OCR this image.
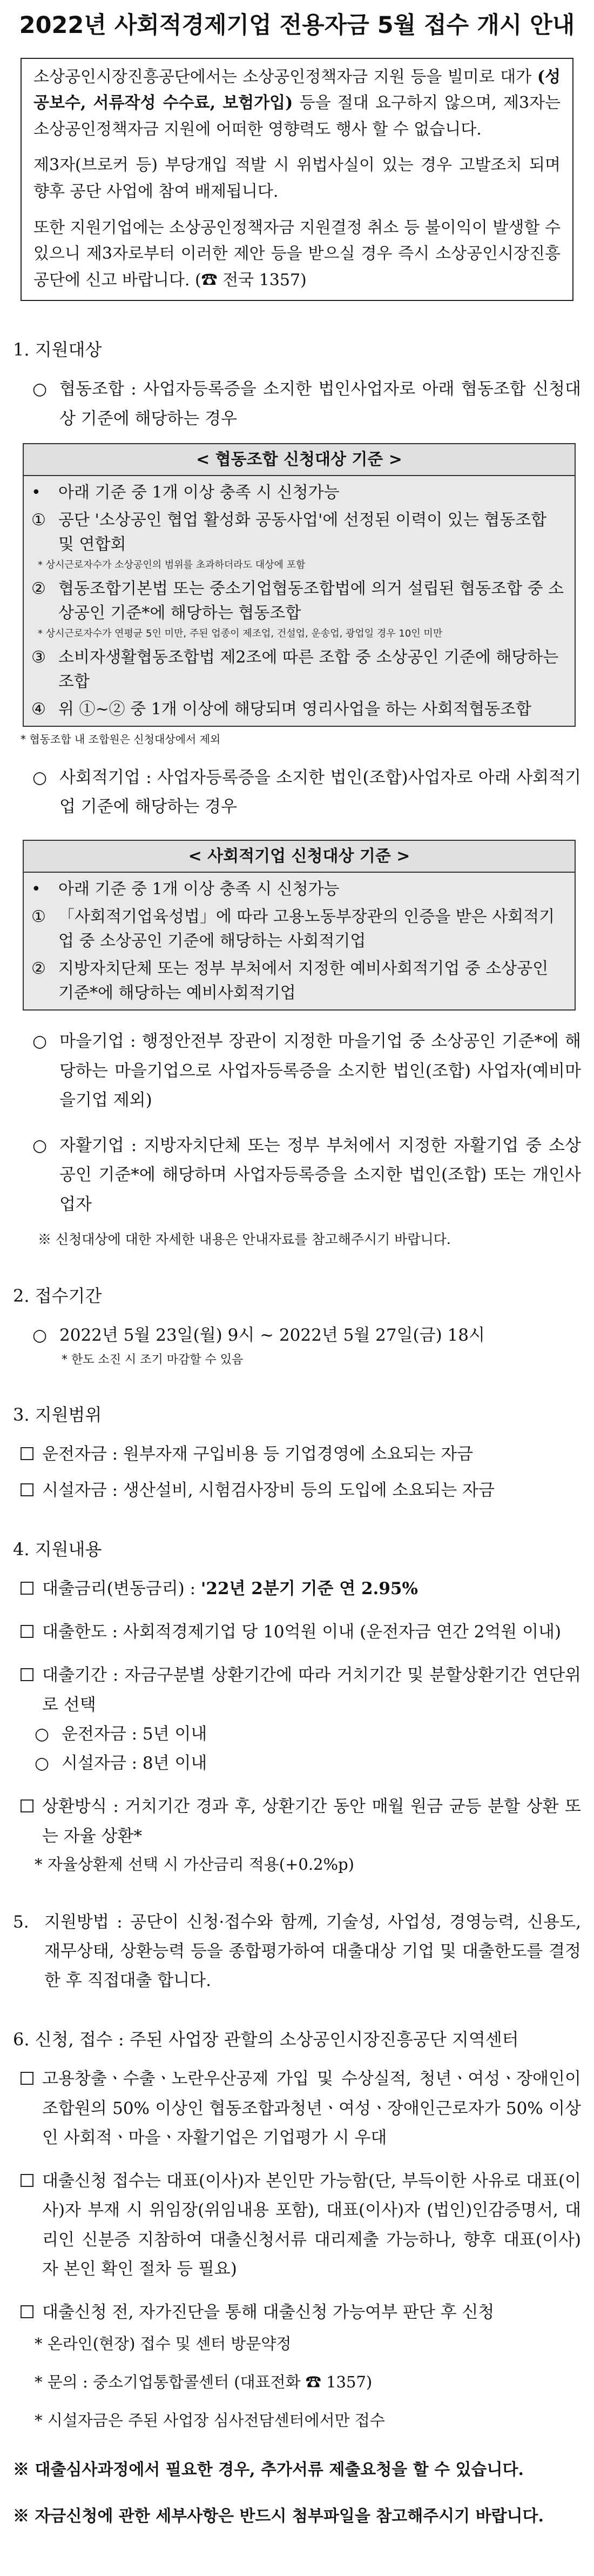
2022년 사회적경제기업 전용자금 5월 접수 개시 안내

소상공인시장진흥공단에서는 소상공인정책자금 지원 등을 빌미로 대가 (성공보수, 서류작성 수수료, 보험가입) 등을 절대 요구하지 않으며, 제3자는 소상공인정책자금 지원에 어떠한 영향력도 행사 할 수 없습니다.

제3자(브로커 등) 부당개입 적발 시 위법사실이 있는 경우 고발조치 되며 향후 공단 사업에 참여 배제됩니다.

또한 지원기업에는 소상공인정책자금 지원결정 취소 등 불이익이 발생할 수 있으니 제3자로부터 이러한 제안 등을 받으실 경우 즉시 소상공인시장진흥공단에 신고 바랍니다. (☎ 전국 1357)

1. 지원대상
○ 협동조합 : 사업자등록증을 소지한 법인사업자로 아래 협동조합 신청대상 기준에 해당하는 경우
< 협동조합 신청대상 기준 >
•	아래 기준 중 1개 이상 충족 시 신청가능
① 공단 '소상공인 협업 활성화 공동사업'에 선정된 이력이 있는 협동조합 및 연합회
* 상시근로자수가 소상공인의 범위를 초과하더라도 대상에 포함
② 협동조합기본법 또는 중소기업협동조합법에 의거 설립된 협동조합 중 소상공인 기준*에 해당하는 협동조합
* 상시근로자수가 연평균 5인 미만, 주된 업종이 제조업, 건설업, 운송업, 광업일 경우 10인 미만
③ 소비자생활협동조합법 제2조에 따른 조합 중 소상공인 기준에 해당하는 조합
④ 위 ①~② 중 1개 이상에 해당되며 영리사업을 하는 사회적협동조합
* 협동조합 내 조합원은 신청대상에서 제외
○ 사회적기업 : 사업자등록증을 소지한 법인(조합)사업자로 아래 사회적기업 기준에 해당하는 경우
< 사회적기업 신청대상 기준 >
•	아래 기준 중 1개 이상 충족 시 신청가능
① 「사회적기업육성법」에 따라 고용노동부장관의 인증을 받은 사회적기업 중 소상공인 기준에 해당하는 사회적기업
② 지방자치단체 또는 정부 부처에서 지정한 예비사회적기업 중 소상공인 기준*에 해당하는 예비사회적기업
○ 마을기업 : 행정안전부 장관이 지정한 마을기업 중 소상공인 기준*에 해당하는 마을기업으로 사업자등록증을 소지한 법인(조합) 사업자(예비마을기업 제외)
○ 자활기업 : 지방자치단체 또는 정부 부처에서 지정한 자활기업 중 소상공인 기준*에 해당하며 사업자등록증을 소지한 법인(조합) 또는 개인사업자
※ 신청대상에 대한 자세한 내용은 안내자료를 참고해주시기 바랍니다.
2. 접수기간
○ 2022년 5월 23일(월) 9시 ~ 2022년 5월 27일(금) 18시
* 한도 소진 시 조기 마감할 수 있음
3. 지원범위
운전자금 : 원부자재 구입비용 등 기업경영에 소요되는 자금
시설자금 : 생산설비, 시험검사장비 등의 도입에 소요되는 자금
4. 지원내용
대출금리(변동금리) : '22년 2분기 기준 연 2.95%
대출한도 : 사회적경제기업 당 10억원 이내 (운전자금 연간 2억원 이내)
대출기간 : 자금구분별 상환기간에 따라 거치기간 및 분할상환기간 연단위로 선택
○ 운전자금 : 5년 이내
○ 시설자금 : 8년 이내
상환방식 : 거치기간 경과 후, 상환기간 동안 매월 원금 균등 분할 상환 또는 자율 상환*
* 자율상환제 선택 시 가산금리 적용(+0.2%p)
5. 지원방법 : 공단이 신청·접수와 함께, 기술성, 사업성, 경영능력, 신용도, 재무상태, 상환능력 등을 종합평가하여 대출대상 기업 및 대출한도를 결정한 후 직접대출 합니다.
6. 신청, 접수 : 주된 사업장 관할의 소상공인시장진흥공단 지역센터
고용창출ㆍ수출ㆍ노란우산공제 가입 및 수상실적, 청년ㆍ여성ㆍ장애인이 조합원의 50% 이상인 협동조합과청년ㆍ여성ㆍ장애인근로자가 50% 이상인 사회적ㆍ마을ㆍ자활기업은 기업평가 시 우대
대출신청 접수는 대표(이사)자 본인만 가능함(단, 부득이한 사유로 대표(이사)자 부재 시 위임장(위임내용 포함), 대표(이사)자 (법인)인감증명서, 대리인 신분증 지참하여 대출신청서류 대리제출 가능하나, 향후 대표(이사)자 본인 확인 절차 등 필요)
대출신청 전, 자가진단을 통해 대출신청 가능여부 판단 후 신청
* 온라인(현장) 접수 및 센터 방문약정
* 문의 : 중소기업통합콜센터 (대표전화 ☎ 1357)
* 시설자금은 주된 사업장 심사전담센터에서만 접수
※ 대출심사과정에서 필요한 경우, 추가서류 제출요청을 할 수 있습니다.
※ 자금신청에 관한 세부사항은 반드시 첨부파일을 참고해주시기 바랍니다.
